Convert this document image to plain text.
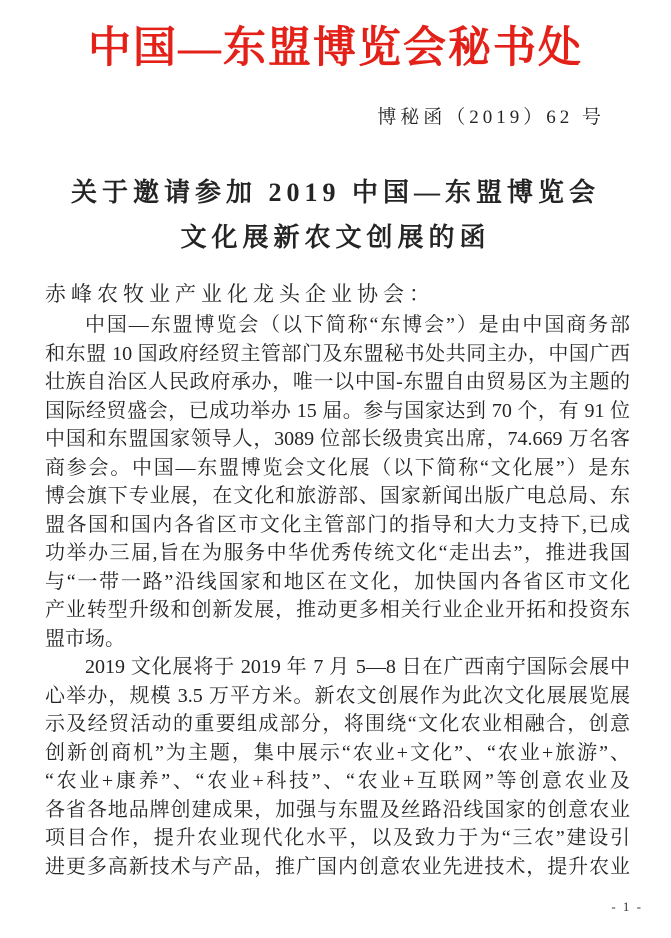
中国—东盟博览会秘书处
博秘函（2019）62 号
关于邀请参加 2019 中国—东盟博览会
文化展新农文创展的函
赤峰农牧业产业化龙头企业协会：
中国—东盟博览会（以下简称“东博会”）是由中国商务部
和东盟 10 国政府经贸主管部门及东盟秘书处共同主办，中国广西
壮族自治区人民政府承办，唯一以中国-东盟自由贸易区为主题的
国际经贸盛会，已成功举办 15 届。参与国家达到 70 个，有 91 位
中国和东盟国家领导人，3089 位部长级贵宾出席，74.669 万名客
商参会。中国—东盟博览会文化展（以下简称“文化展”）是东
博会旗下专业展，在文化和旅游部、国家新闻出版广电总局、东
盟各国和国内各省区市文化主管部门的指导和大力支持下,已成
功举办三届,旨在为服务中华优秀传统文化“走出去”，推进我国
与“一带一路”沿线国家和地区在文化，加快国内各省区市文化
产业转型升级和创新发展，推动更多相关行业企业开拓和投资东
盟市场。
2019 文化展将于 2019 年 7 月 5—8 日在广西南宁国际会展中
心举办，规模 3.5 万平方米。新农文创展作为此次文化展展览展
示及经贸活动的重要组成部分，将围绕“文化农业相融合，创意
创新创商机”为主题，集中展示“农业+文化”、“农业+旅游”、
“农业+康养”、“农业+科技”、“农业+互联网”等创意农业及
各省各地品牌创建成果，加强与东盟及丝路沿线国家的创意农业
项目合作，提升农业现代化水平，以及致力于为“三农”建设引
进更多高新技术与产品，推广国内创意农业先进技术，提升农业
- 1 -
